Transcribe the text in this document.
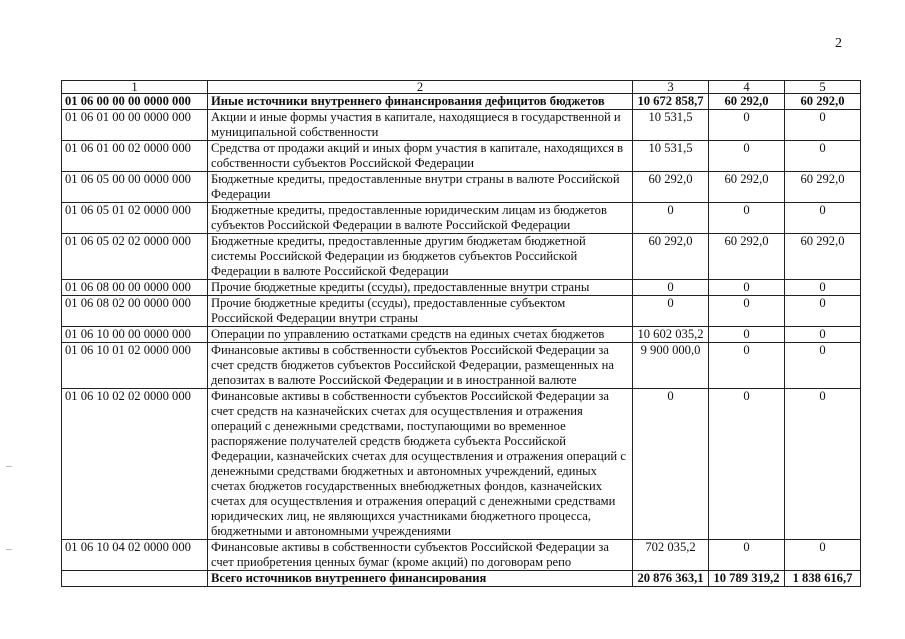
2
1	2	3	4	5
01 06 00 00 00 0000 000	Иные источники внутреннего финансирования дефицитов бюджетов	10 672 858,7	60 292,0	60 292,0
01 06 01 00 00 0000 000	Акции и иные формы участия в капитале, находящиеся в государственной и муниципальной собственности	10 531,5	0	0
01 06 01 00 02 0000 000	Средства от продажи акций и иных форм участия в капитале, находящихся в собственности субъектов Российской Федерации	10 531,5	0	0
01 06 05 00 00 0000 000	Бюджетные кредиты, предоставленные внутри страны в валюте Российской Федерации	60 292,0	60 292,0	60 292,0
01 06 05 01 02 0000 000	Бюджетные кредиты, предоставленные юридическим лицам из бюджетов субъектов Российской Федерации в валюте Российской Федерации	0	0	0
01 06 05 02 02 0000 000	Бюджетные кредиты, предоставленные другим бюджетам бюджетной системы Российской Федерации из бюджетов субъектов Российской Федерации в валюте Российской Федерации	60 292,0	60 292,0	60 292,0
01 06 08 00 00 0000 000	Прочие бюджетные кредиты (ссуды), предоставленные внутри страны	0	0	0
01 06 08 02 00 0000 000	Прочие бюджетные кредиты (ссуды), предоставленные субъектом Российской Федерации внутри страны	0	0	0
01 06 10 00 00 0000 000	Операции по управлению остатками средств на единых счетах бюджетов	10 602 035,2	0	0
01 06 10 01 02 0000 000	Финансовые активы в собственности субъектов Российской Федерации за счет средств бюджетов субъектов Российской Федерации, размещенных на депозитах в валюте Российской Федерации и в иностранной валюте	9 900 000,0	0	0
01 06 10 02 02 0000 000	Финансовые активы в собственности субъектов Российской Федерации за счет средств на казначейских счетах для осуществления и отражения операций с денежными средствами, поступающими во временное распоряжение получателей средств бюджета субъекта Российской Федерации, казначейских счетах для осуществления и отражения операций с денежными средствами бюджетных и автономных учреждений, единых счетах бюджетов государственных внебюджетных фондов, казначейских счетах для осуществления и отражения операций с денежными средствами юридических лиц, не являющихся участниками бюджетного процесса, бюджетными и автономными учреждениями	0	0	0
01 06 10 04 02 0000 000	Финансовые активы в собственности субъектов Российской Федерации за счет приобретения ценных бумаг (кроме акций) по договорам репо	702 035,2	0	0
	Всего источников внутреннего финансирования	20 876 363,1	10 789 319,2	1 838 616,7
